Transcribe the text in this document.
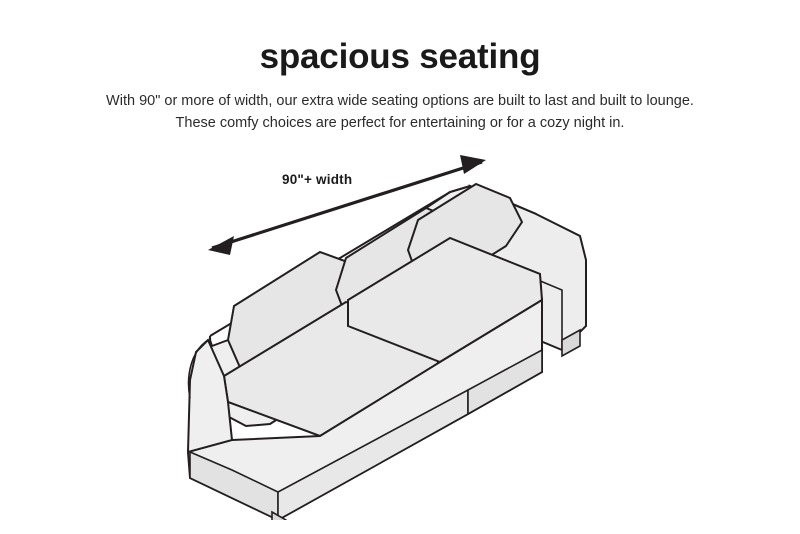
spacious seating
With 90" or more of width, our extra wide seating options are built to last and built to lounge.
These comfy choices are perfect for entertaining or for a cozy night in.
90"+ width
